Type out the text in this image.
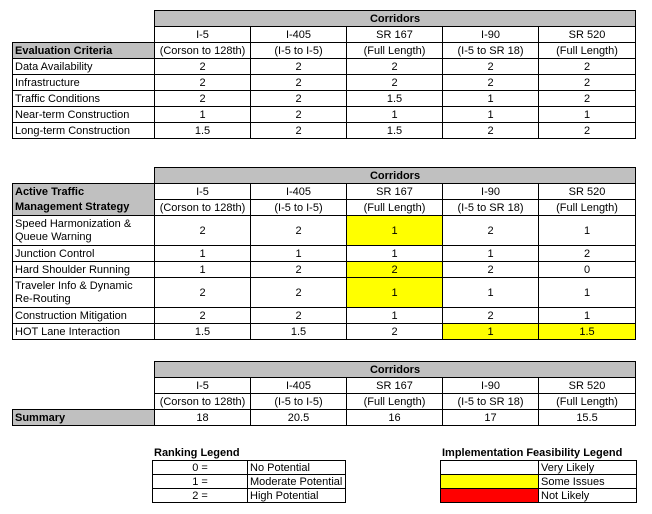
	Corridors				
	I-5	I-405	SR 167	I-90	SR 520
Evaluation Criteria	(Corson to 128th)	(I-5 to I-5)	(Full Length)	(I-5 to SR 18)	(Full Length)
Data Availability	2	2	2	2	2
Infrastructure	2	2	2	2	2
Traffic Conditions	2	2	1.5	1	2
Near-term Construction	1	2	1	1	1
Long-term Construction	1.5	2	1.5	2	2
	Corridors				
Active Traffic	I-5	I-405	SR 167	I-90	SR 520
Management Strategy	(Corson to 128th)	(I-5 to I-5)	(Full Length)	(I-5 to SR 18)	(Full Length)

Speed Harmonization &
Queue Warning	2	2	1	2	1

Junction Control	1	1	1	1	2

Hard Shoulder Running	1	2	2	2	0

Traveler Info & Dynamic
Re-Routing	2	2	1	1	1

Construction Mitigation	2	2	1	2	1

HOT Lane Interaction	1.5	1.5	2	1	1.5
	Corridors				
	I-5	I-405	SR 167	I-90	SR 520
	(Corson to 128th)	(I-5 to I-5)	(Full Length)	(I-5 to SR 18)	(Full Length)
Summary	18	20.5	16	17	15.5
Ranking Legend
0 =	No Potential
1 =	Moderate Potential
2 =	High Potential
Implementation Feasibility Legend
	Very Likely
	Some Issues
	Not Likely
